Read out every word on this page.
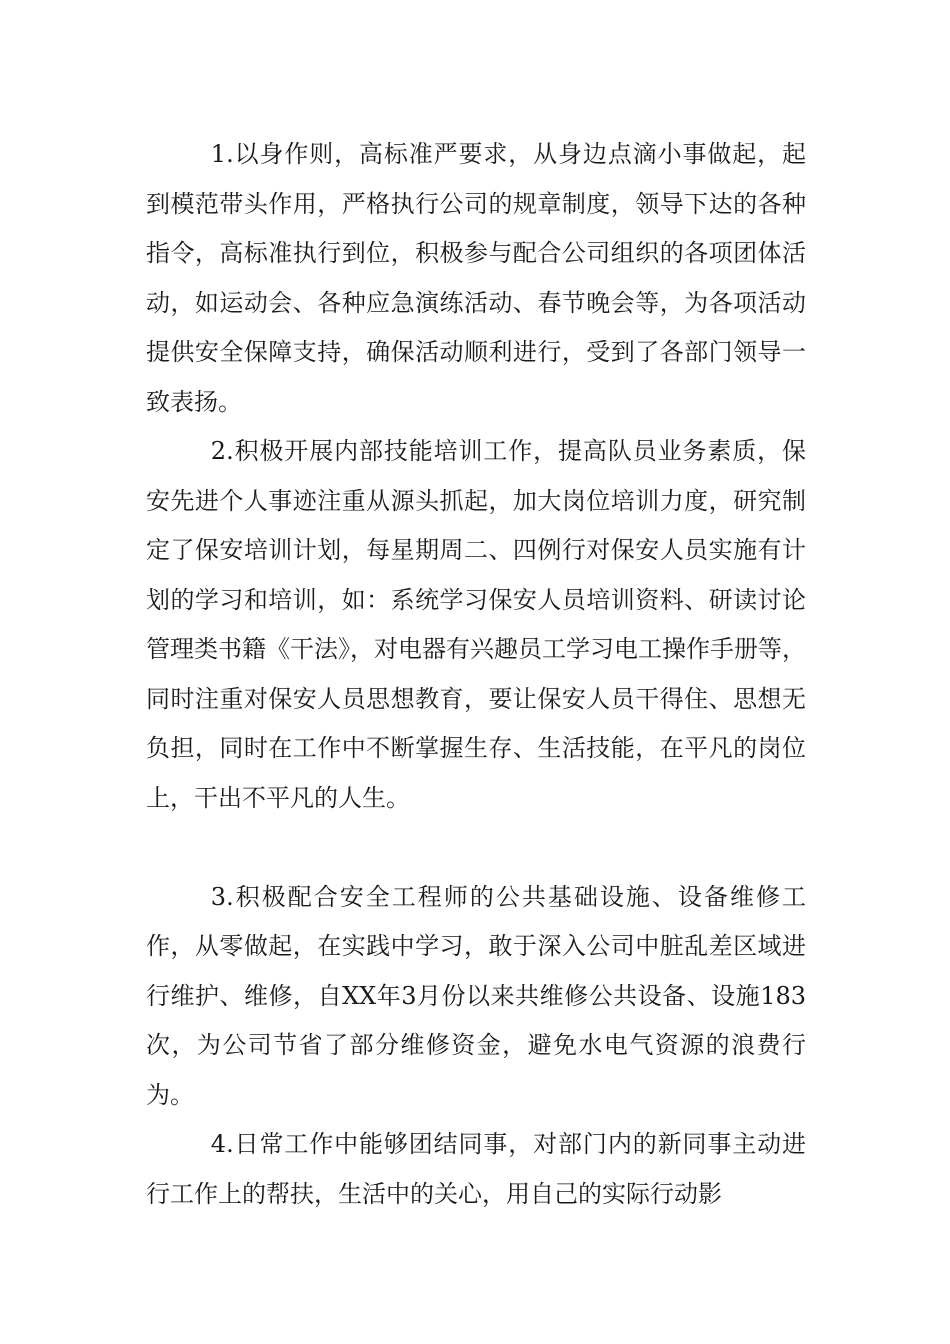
1.以身作则，高标准严要求，从身边点滴小事做起，起到模范带头作用，严格执行公司的规章制度，领导下达的各种指令，高标准执行到位，积极参与配合公司组织的各项团体活动，如运动会、各种应急演练活动、春节晚会等，为各项活动提供安全保障支持，确保活动顺利进行，受到了各部门领导一致表扬。

2.积极开展内部技能培训工作，提高队员业务素质，保安先进个人事迹注重从源头抓起，加大岗位培训力度，研究制定了保安培训计划，每星期周二、四例行对保安人员实施有计划的学习和培训，如：系统学习保安人员培训资料、研读讨论管理类书籍《干法》，对电器有兴趣员工学习电工操作手册等，同时注重对保安人员思想教育，要让保安人员干得住、思想无负担，同时在工作中不断掌握生存、生活技能，在平凡的岗位上，干出不平凡的人生。

3.积极配合安全工程师的公共基础设施、设备维修工作，从零做起，在实践中学习，敢于深入公司中脏乱差区域进行维护、维修，自XX年3月份以来共维修公共设备、设施183次，为公司节省了部分维修资金，避免水电气资源的浪费行为。

4.日常工作中能够团结同事，对部门内的新同事主动进行工作上的帮扶，生活中的关心，用自己的实际行动影
